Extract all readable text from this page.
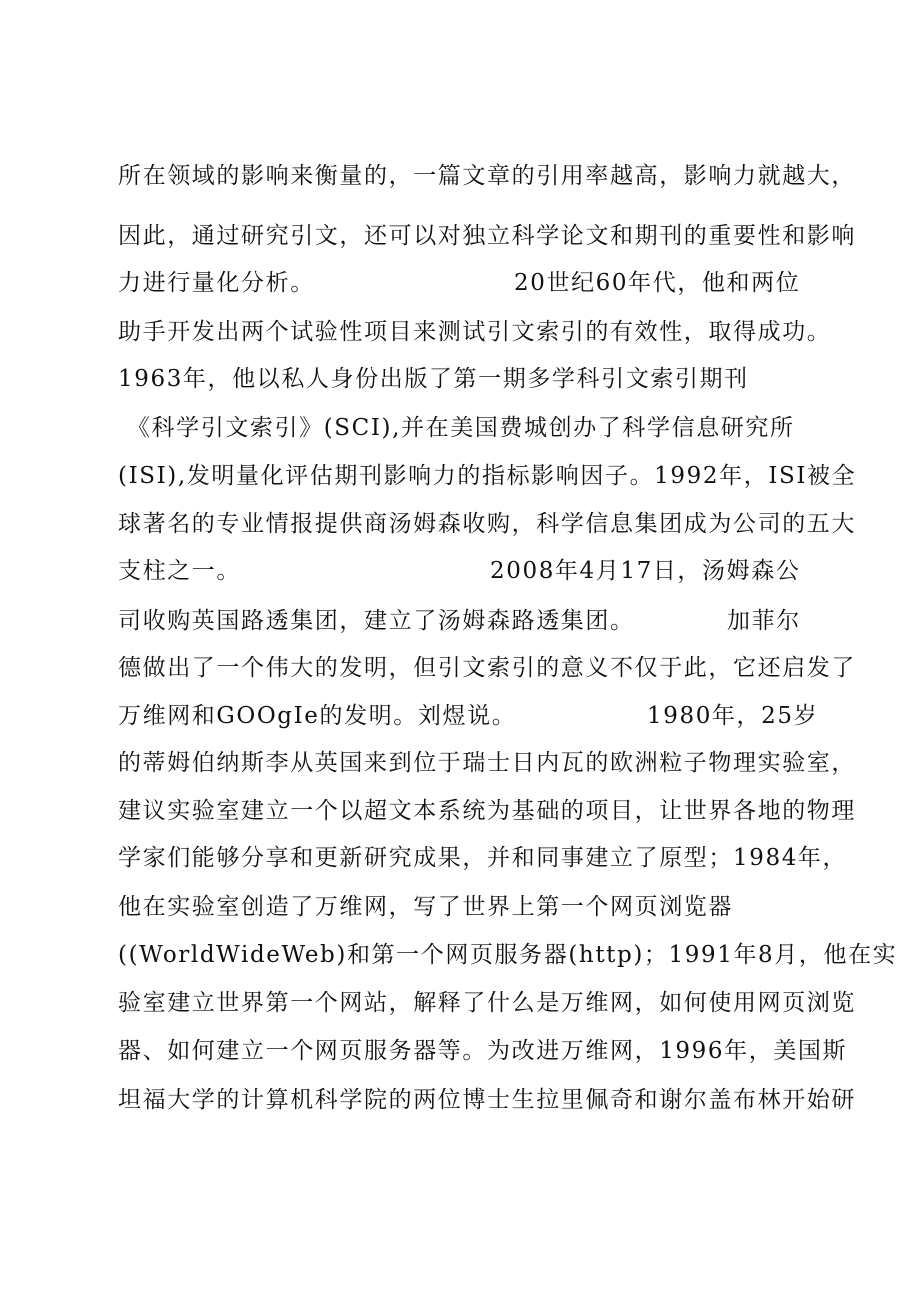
所在领域的影响来衡量的，一篇文章的引用率越高，影响力就越大，
因此，通过研究引文，还可以对独立科学论文和期刊的重要性和影响
力进行量化分析。	20世纪60年代，他和两位
助手开发出两个试验性项目来测试引文索引的有效性，取得成功。
1963年，他以私人身份出版了第一期多学科引文索引期刊
《科学引文索引》(SCI),并在美国费城创办了科学信息研究所
(ISI),发明量化评估期刊影响力的指标影响因子。1992年，ISI被全
球著名的专业情报提供商汤姆森收购，科学信息集团成为公司的五大
支柱之一。	2008年4月17日，汤姆森公
司收购英国路透集团，建立了汤姆森路透集团。	加菲尔
德做出了一个伟大的发明，但引文索引的意义不仅于此，它还启发了
万维网和GOOgIe的发明。刘煜说。	1980年，25岁
的蒂姆伯纳斯李从英国来到位于瑞士日内瓦的欧洲粒子物理实验室，
建议实验室建立一个以超文本系统为基础的项目，让世界各地的物理
学家们能够分享和更新研究成果，并和同事建立了原型；1984年，
他在实验室创造了万维网，写了世界上第一个网页浏览器
((WorldWideWeb)和第一个网页服务器(http)；1991年8月，他在实
验室建立世界第一个网站，解释了什么是万维网，如何使用网页浏览
器、如何建立一个网页服务器等。为改进万维网，1996年，美国斯
坦福大学的计算机科学院的两位博士生拉里佩奇和谢尔盖布林开始研
